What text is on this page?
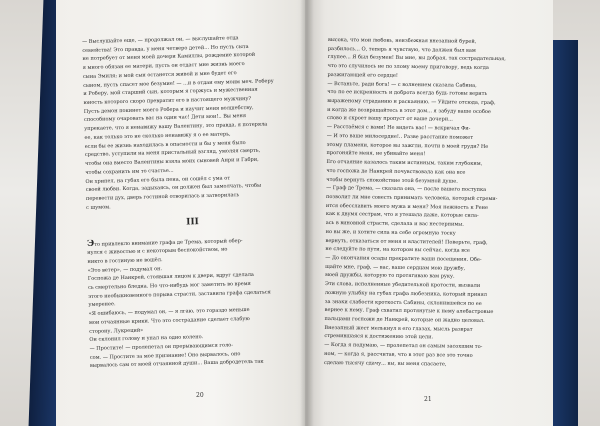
— Выслушайте еще, — продолжал он, — выслушайте отца
семейства! Это правда, у меня четверо детей... Но пусть сыта
не потребует от меня моей дочери Камиллы, рождение которой
я много обязан ее матери, пусть он отдаст мне жизнь моего
сына Эмиля; и мой сын останется живой и мне будет его
сыном, пусть спасет мое безумие! — ...и в отдаи ему моим меч. Роберу
и Роберу, мой старший сын, которым я горжусь и мужественная
юность которого скоро превратит его в настоящего мужчину?
Пусть демон покинет моего Робера и научит меня волшебству,
способному очаровать вас на один час! Дети мои!.. Вы меня
упрекаете, что я ненавижу вашу Валентину, это правда, я потеряла
ее, как только это не сколько ненавижу я о ее матерь,
если бы ее жизнь находилась в опасности и бы у меня было
средство, уступили на меня пристальный взгляд, умоляя смерть,
чтобы она вместо Валентины взяла моих сыновей Анри и Габри,
чтобы сохранить им то счастье...
Он хрипел, на губах его была пена, он сошёл с ума от
своей любви. Когда, задыхаясь, он должен был замолчать, чтобы
перевести дух, дверь гостиной отворилась и затворилась
с шумом.
III
Это привлекло внимание графа де Трема, который обер-
нулся с живостью и с некоторым беспокойством, но
никто в гостиную не вошёл.
«Это ветер», — подумал он.
Госпожа де Нанкрей, стоявшая лицом к двери, вдруг сделала
сь смертельно бледна. Но что-нибудь мог заметить во время
этого необыкновенного порыва страсти, заставила графа сделаться
умеренее.
«Я ошибаюсь, — подумал он, — я лгаю, это гораздо меньше
мои отчаянные крики. Что это сострадание сделает слабую
сторону, Лукреций»
Он склонил голову и упал на одно колено.
— Простите! — пролепетал он прерывающимся голо-
сом. — Простите за мое признание! Оно вырвалось, оно
вырвалось сам от моей отчаянной души... Ваша добродетель так
высока, что мои любовь, неизбежная внезапной бурей,
разбилось... О, теперь я чувствую, что должен был вам
глупее... Я был безумен! Вы мне, вы добрая, так сострадательная,
что это случилось не по злому моему приговору, ведь когда
разжигающей его сердце!
— Встаньте, ради бога! — с волнением сказала Сабина,
что по ее искренность и доброта всегда будь готовы верить
выраженому страданию и раскаянию. — Уйдите отсюда, граф,
и когда же возвращайтесь в этот дом... я забуду ваше особое
слово и скроет вашу пропуст от ваше дочери...
— Расстаёмся с вами! Не видеть вас! — вскричал Фи-
— И это ваше милосердие!.. Разве расстание поможет
этому пламени, которое вы зажгли, почти в моей груди? Не
прогоняйте меня, не убивайте меня!
Его отчаяние казалось таким истинным, таким глубоким,
что госпожа де Нанкрей почувствовала как она все
чтобы вернуть спокойствие этой безумной душе.
— Граф де Трема, — сказала она, — после вашего поступка
позволит ли мне совесть принимать человека, который стреми-
ится обесславить моего мужа и меня? Моя нежность к Рене
как к двумя сестрам, что я утешала даже, которые сила-
ась в виновной страсти, сделала и вас нестерпимы.
но вы же, и хотите сила на себе огромную тоску
вернуть, отказаться от меня и властителей! Поверьте, граф,
не следуйте по пути, на котором вы сейчас, когда все
— До окончания осады прекратите ваши посещения. Обе-
щайте мне, граф, — вас, ваше сердцам мою дружбу,
моей дружбы, которую то протягиваю вам руку.
Эти слова, исполненные убедительной кротости, вызвали
ложную улыбку на губах графа любезника, который принял
за знаки слабости кроткость Сабины, склонившейся по ее
вернее к нему. Граф схватил протянутые к нему алебастровые
пальцами госпожи де Нанкрей, которые он жадно целовал.
Внезапный жест мелькнул в его глазах, мысль разврат
стремившаяся к достижению этой цели.
— Когда я подумаю, — пролепетал он самым засохшим то-
ном, — когда я, рассчитав, что в этот раз все это точно
сделаю тысячу сдачу... вы, вы меня спасаете,
20
21
